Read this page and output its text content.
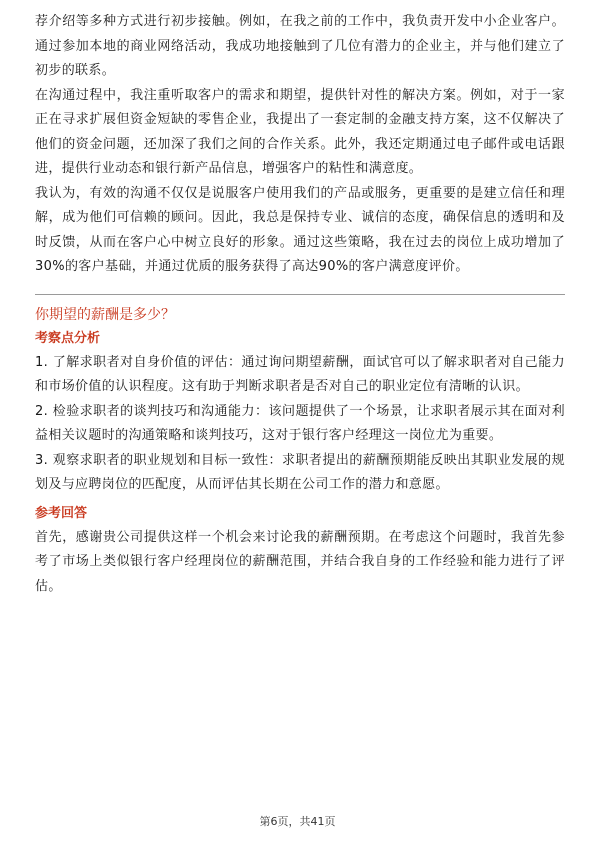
荐介绍等多种方式进行初步接触。例如，在我之前的工作中，我负责开发中小企业客户。通过参加本地的商业网络活动，我成功地接触到了几位有潜力的企业主，并与他们建立了初步的联系。

在沟通过程中，我注重听取客户的需求和期望，提供针对性的解决方案。例如，对于一家正在寻求扩展但资金短缺的零售企业，我提出了一套定制的金融支持方案，这不仅解决了他们的资金问题，还加深了我们之间的合作关系。此外，我还定期通过电子邮件或电话跟进，提供行业动态和银行新产品信息，增强客户的粘性和满意度。

我认为，有效的沟通不仅仅是说服客户使用我们的产品或服务，更重要的是建立信任和理解，成为他们可信赖的顾问。因此，我总是保持专业、诚信的态度，确保信息的透明和及时反馈，从而在客户心中树立良好的形象。通过这些策略，我在过去的岗位上成功增加了30%的客户基础，并通过优质的服务获得了高达90%的客户满意度评价。

你期望的薪酬是多少？
考察点分析

1. 了解求职者对自身价值的评估：通过询问期望薪酬，面试官可以了解求职者对自己能力和市场价值的认识程度。这有助于判断求职者是否对自己的职业定位有清晰的认识。

2. 检验求职者的谈判技巧和沟通能力：该问题提供了一个场景，让求职者展示其在面对利益相关议题时的沟通策略和谈判技巧，这对于银行客户经理这一岗位尤为重要。

3. 观察求职者的职业规划和目标一致性：求职者提出的薪酬预期能反映出其职业发展的规划及与应聘岗位的匹配度，从而评估其长期在公司工作的潜力和意愿。

参考回答

首先，感谢贵公司提供这样一个机会来讨论我的薪酬预期。在考虑这个问题时，我首先参考了市场上类似银行客户经理岗位的薪酬范围，并结合我自身的工作经验和能力进行了评估。

第6页，共41页
